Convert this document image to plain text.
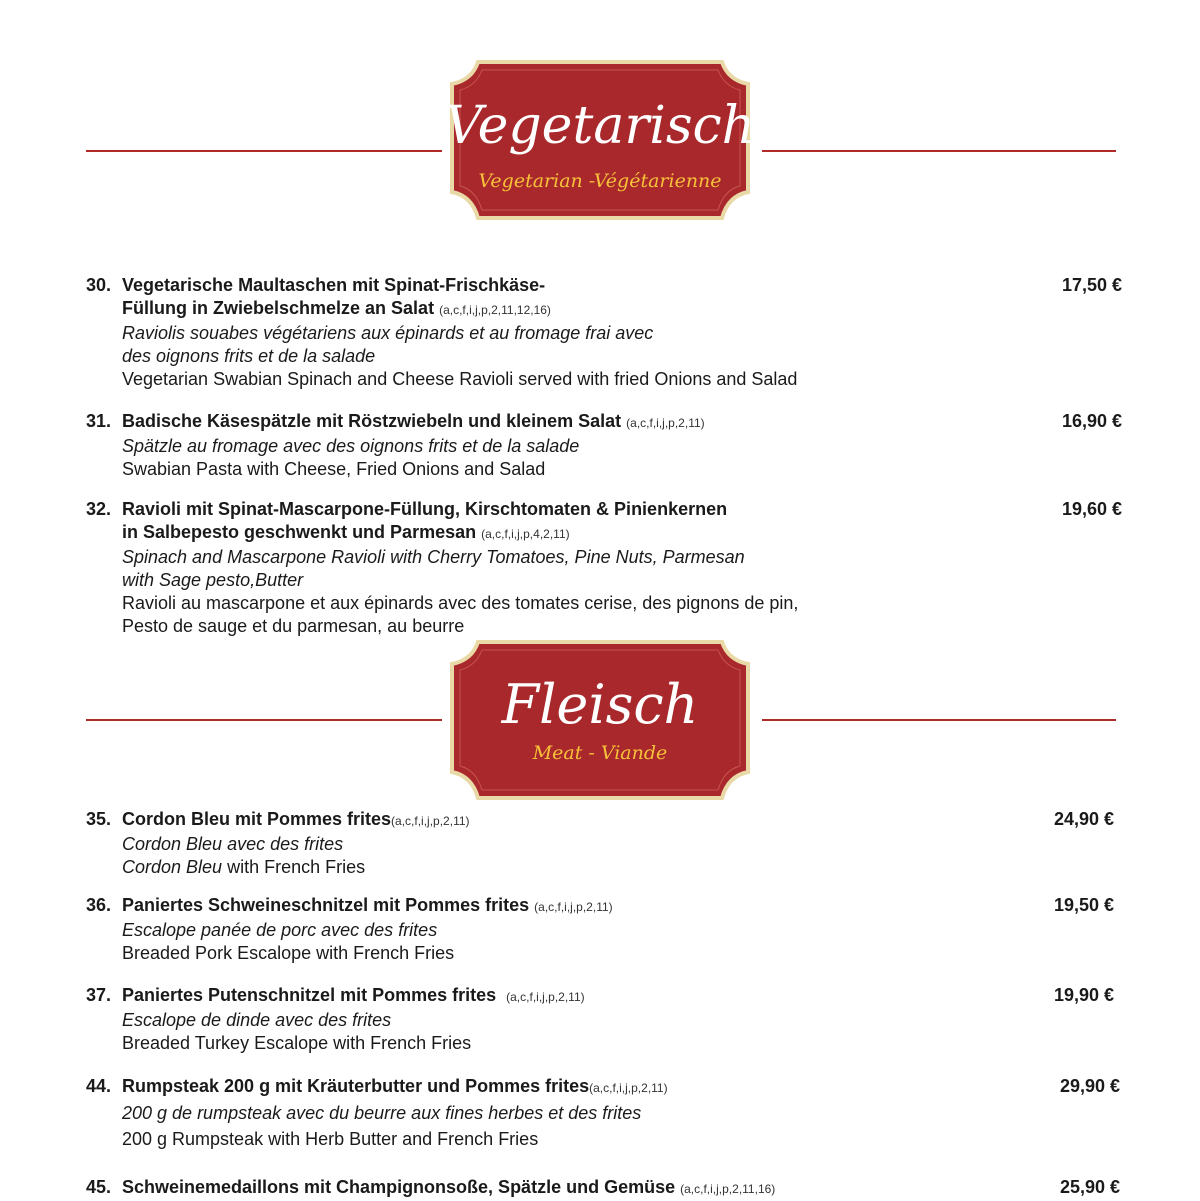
Vegetarisch
Vegetarian -Végétarienne
30. Vegetarische Maultaschen mit Spinat-Frischkäse-
Füllung in Zwiebelschmelze an Salat (a,c,f,i,j,p,2,11,12,16)
Raviolis souabes végétariens aux épinards et au fromage frai avec
des oignons frits et de la salade
Vegetarian Swabian Spinach and Cheese Ravioli served with fried Onions and Salad
17,50 €
31. Badische Käsespätzle mit Röstzwiebeln und kleinem Salat (a,c,f,i,j,p,2,11)
Spätzle au fromage avec des oignons frits et de la salade
Swabian Pasta with Cheese, Fried Onions and Salad
16,90 €
32. Ravioli mit Spinat-Mascarpone-Füllung, Kirschtomaten & Pinienkernen
in Salbepesto geschwenkt und Parmesan (a,c,f,i,j,p,4,2,11)
Spinach and Mascarpone Ravioli with Cherry Tomatoes, Pine Nuts, Parmesan
with Sage pesto,Butter
Ravioli au mascarpone et aux épinards avec des tomates cerise, des pignons de pin,
Pesto de sauge et du parmesan, au beurre
19,60 €
Fleisch
Meat - Viande
35. Cordon Bleu mit Pommes frites(a,c,f,i,j,p,2,11)
Cordon Bleu avec des frites
Cordon Bleu with French Fries
24,90 €
36. Paniertes Schweineschnitzel mit Pommes frites (a,c,f,i,j,p,2,11)
Escalope panée de porc avec des frites
Breaded Pork Escalope with French Fries
19,50 €
37. Paniertes Putenschnitzel mit Pommes frites (a,c,f,i,j,p,2,11)
Escalope de dinde avec des frites
Breaded Turkey Escalope with French Fries
19,90 €
44. Rumpsteak 200 g mit Kräuterbutter und Pommes frites(a,c,f,i,j,p,2,11)
200 g de rumpsteak avec du beurre aux fines herbes et des frites
200 g Rumpsteak with Herb Butter and French Fries
29,90 €
45. Schweinemedaillons mit Champignonsoße, Spätzle und Gemüse (a,c,f,i,j,p,2,11,16)	25,90 €
